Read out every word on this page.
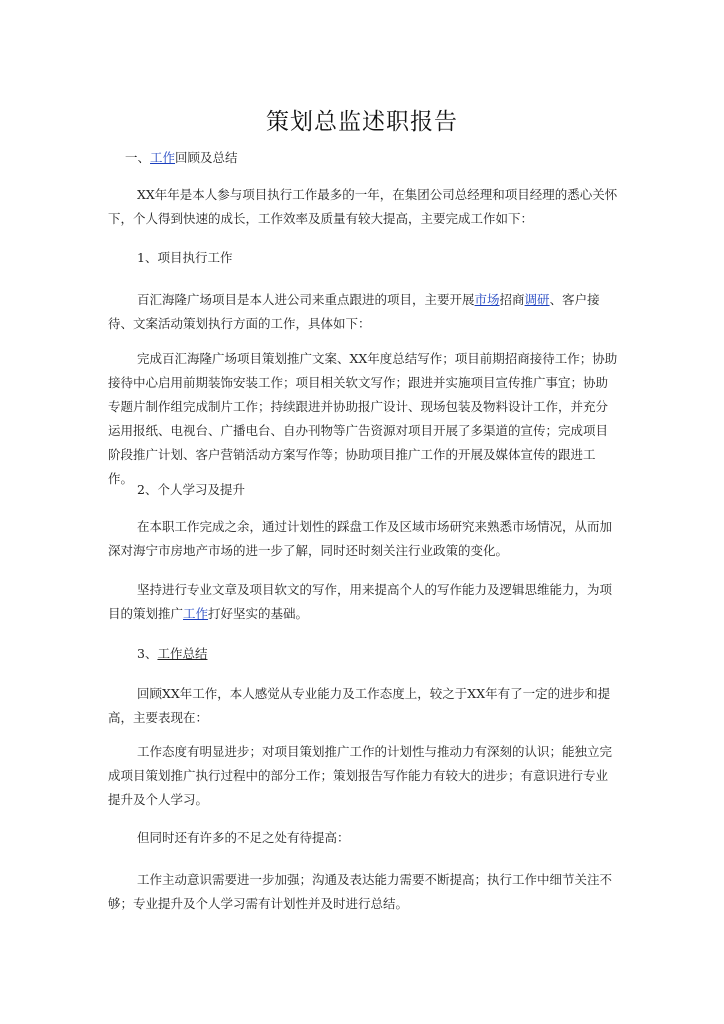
策划总监述职报告

一、工作回顾及总结

XX年年是本人参与项目执行工作最多的一年，在集团公司总经理和项目经理的悉心关怀下，个人得到快速的成长，工作效率及质量有较大提高，主要完成工作如下：

1、项目执行工作

百汇海隆广场项目是本人进公司来重点跟进的项目，主要开展市场招商调研、客户接待、文案活动策划执行方面的工作，具体如下：

完成百汇海隆广场项目策划推广文案、XX年度总结写作；项目前期招商接待工作；协助接待中心启用前期装饰安装工作；项目相关软文写作；跟进并实施项目宣传推广事宜；协助专题片制作组完成制片工作；持续跟进并协助报广设计、现场包装及物料设计工作，并充分运用报纸、电视台、广播电台、自办刊物等广告资源对项目开展了多渠道的宣传；完成项目阶段推广计划、客户营销活动方案写作等；协助项目推广工作的开展及媒体宣传的跟进工作。

2、个人学习及提升

在本职工作完成之余，通过计划性的踩盘工作及区域市场研究来熟悉市场情况，从而加深对海宁市房地产市场的进一步了解，同时还时刻关注行业政策的变化。

坚持进行专业文章及项目软文的写作，用来提高个人的写作能力及逻辑思维能力，为项目的策划推广工作打好坚实的基础。

3、工作总结

回顾XX年工作，本人感觉从专业能力及工作态度上，较之于XX年有了一定的进步和提高，主要表现在：

工作态度有明显进步；对项目策划推广工作的计划性与推动力有深刻的认识；能独立完成项目策划推广执行过程中的部分工作；策划报告写作能力有较大的进步；有意识进行专业提升及个人学习。

但同时还有许多的不足之处有待提高：

工作主动意识需要进一步加强；沟通及表达能力需要不断提高；执行工作中细节关注不够；专业提升及个人学习需有计划性并及时进行总结。
